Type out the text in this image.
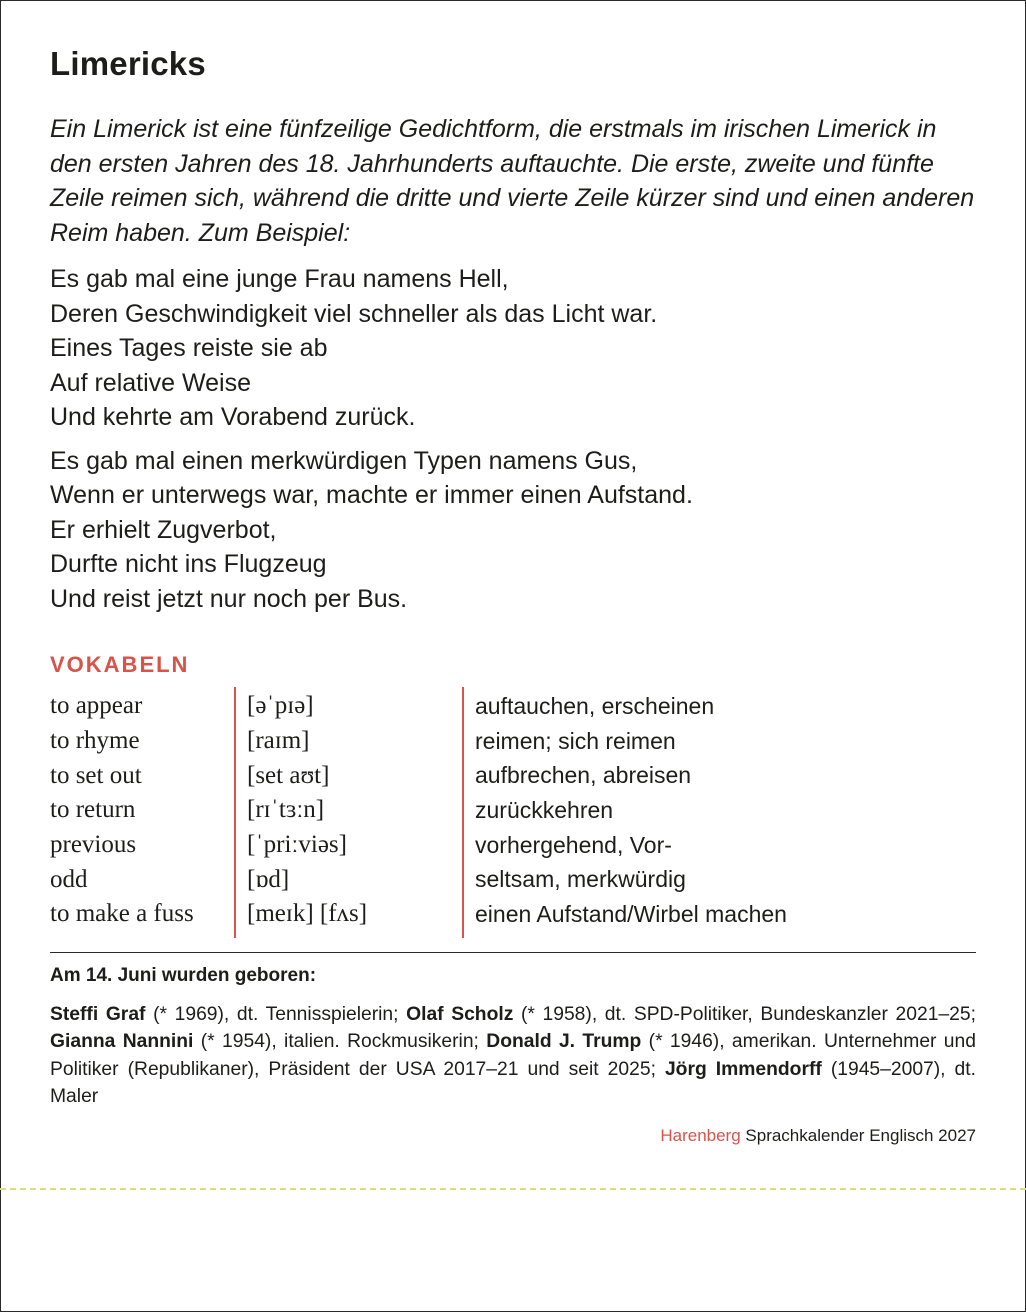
Limericks

Ein Limerick ist eine fünfzeilige Gedichtform, die erstmals im irischen Limerick in den ersten Jahren des 18. Jahrhunderts auftauchte. Die erste, zweite und fünfte Zeile reimen sich, während die dritte und vierte Zeile kürzer sind und einen anderen Reim haben. Zum Beispiel:

Es gab mal eine junge Frau namens Hell,
Deren Geschwindigkeit viel schneller als das Licht war.
Eines Tages reiste sie ab
Auf relative Weise
Und kehrte am Vorabend zurück.
Es gab mal einen merkwürdigen Typen namens Gus,
Wenn er unterwegs war, machte er immer einen Aufstand.
Er erhielt Zugverbot,
Durfte nicht ins Flugzeug
Und reist jetzt nur noch per Bus.
VOKABELN
to appear	[əˈpɪə]	auftauchen, erscheinen
to rhyme	[raɪm]	reimen; sich reimen
to set out	[set aʊt]	aufbrechen, abreisen
to return	[rɪˈtɜːn]	zurückkehren
previous	[ˈpriːviəs]	vorhergehend, Vor-
odd	[ɒd]	seltsam, merkwürdig
to make a fuss	[meɪk] [fʌs]	einen Aufstand/Wirbel machen
Am 14. Juni wurden geboren:

Steffi Graf (* 1969), dt. Tennisspielerin; Olaf Scholz (* 1958), dt. SPD-Politiker, Bundeskanzler 2021–25; Gianna Nannini (* 1954), italien. Rockmusikerin; Donald J. Trump (* 1946), amerikan. Unternehmer und Politiker (Republikaner), Präsident der USA 2017–21 und seit 2025; Jörg Immendorff (1945–2007), dt. Maler

Harenberg Sprachkalender Englisch 2027
